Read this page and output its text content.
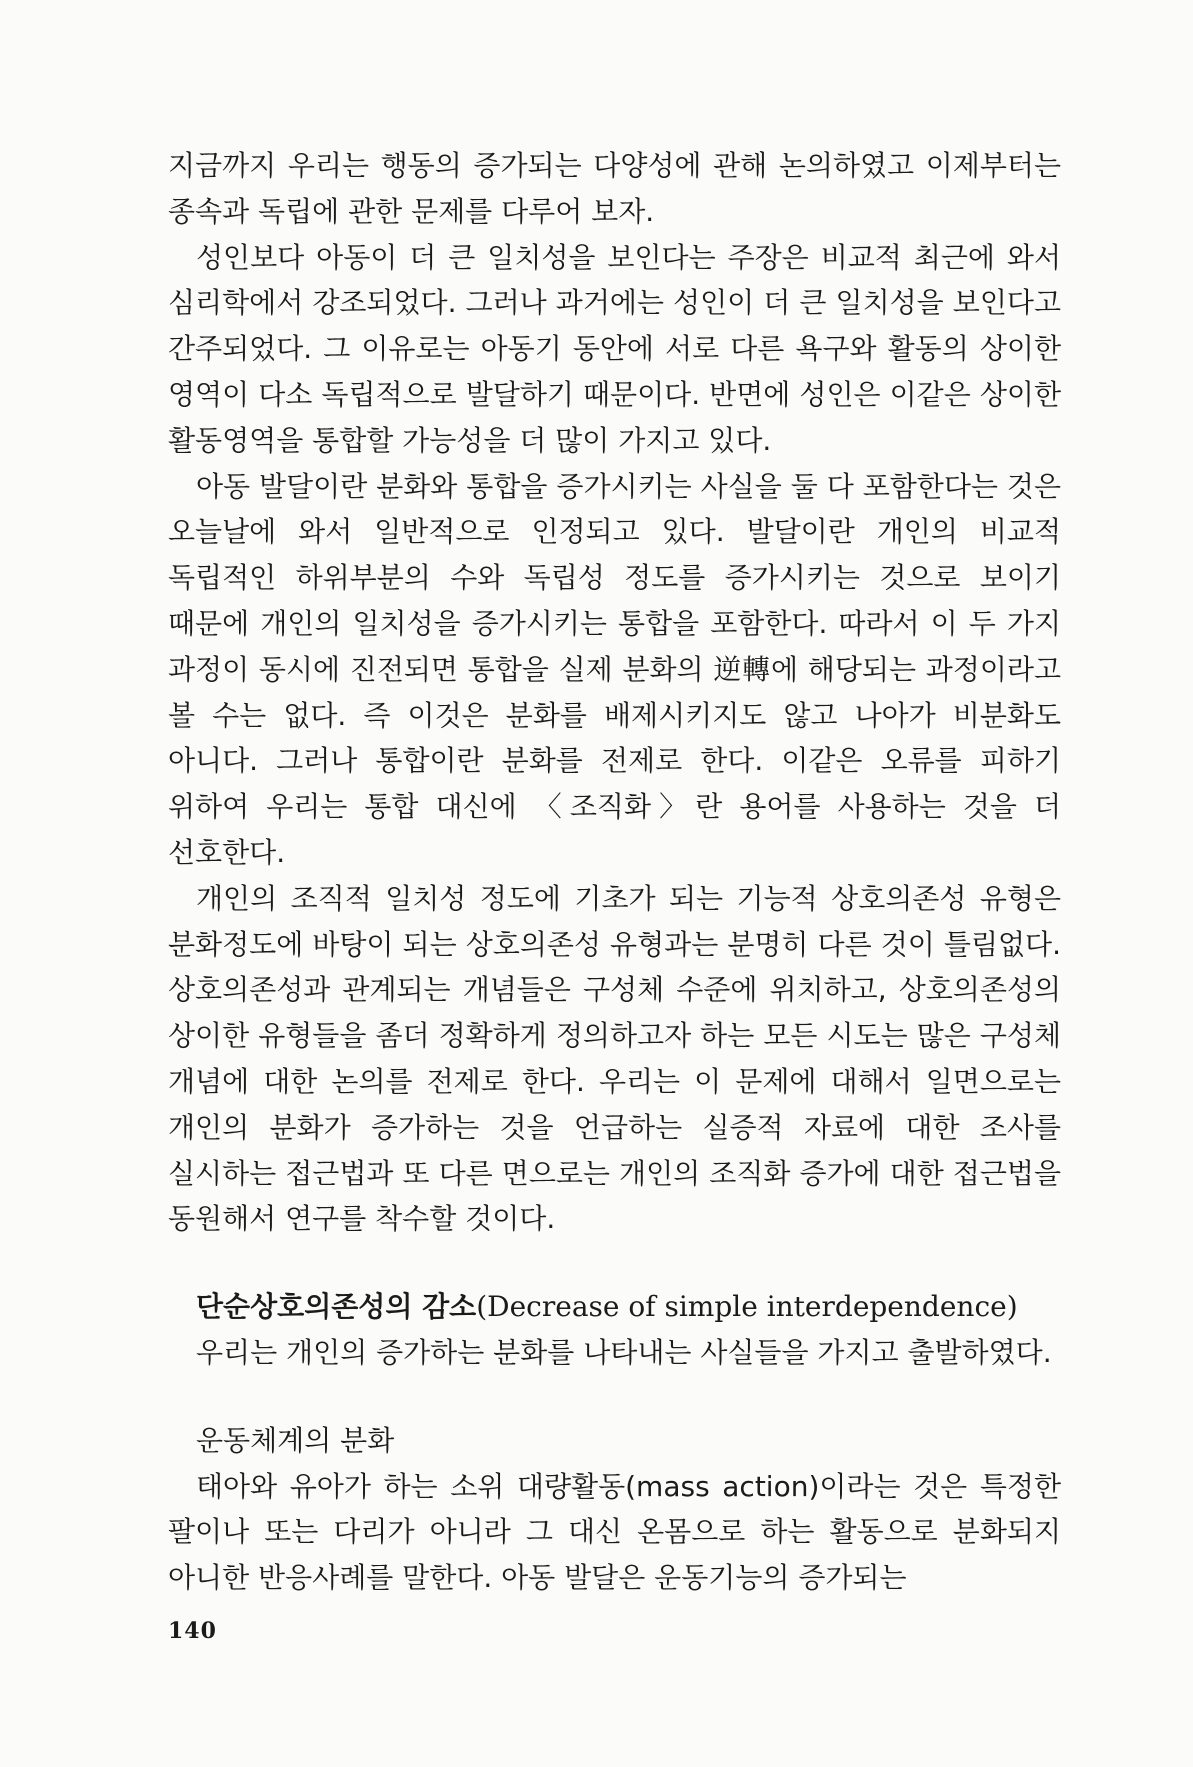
지금까지 우리는 행동의 증가되는 다양성에 관해 논의하였고 이제부터는 종속과 독립에 관한 문제를 다루어 보자.

성인보다 아동이 더 큰 일치성을 보인다는 주장은 비교적 최근에 와서 심리학에서 강조되었다. 그러나 과거에는 성인이 더 큰 일치성을 보인다고 간주되었다. 그 이유로는 아동기 동안에 서로 다른 욕구와 활동의 상이한 영역이 다소 독립적으로 발달하기 때문이다. 반면에 성인은 이같은 상이한 활동영역을 통합할 가능성을 더 많이 가지고 있다.

아동 발달이란 분화와 통합을 증가시키는 사실을 둘 다 포함한다는 것은 오늘날에 와서 일반적으로 인정되고 있다. 발달이란 개인의 비교적 독립적인 하위부분의 수와 독립성 정도를 증가시키는 것으로 보이기 때문에 개인의 일치성을 증가시키는 통합을 포함한다. 따라서 이 두 가지 과정이 동시에 진전되면 통합을 실제 분화의 逆轉에 해당되는 과정이라고 볼 수는 없다. 즉 이것은 분화를 배제시키지도 않고 나아가 비분화도 아니다. 그러나 통합이란 분화를 전제로 한다. 이같은 오류를 피하기 위하여 우리는 통합 대신에 〈조직화〉란 용어를 사용하는 것을 더 선호한다.

개인의 조직적 일치성 정도에 기초가 되는 기능적 상호의존성 유형은 분화정도에 바탕이 되는 상호의존성 유형과는 분명히 다른 것이 틀림없다. 상호의존성과 관계되는 개념들은 구성체 수준에 위치하고, 상호의존성의 상이한 유형들을 좀더 정확하게 정의하고자 하는 모든 시도는 많은 구성체 개념에 대한 논의를 전제로 한다. 우리는 이 문제에 대해서 일면으로는 개인의 분화가 증가하는 것을 언급하는 실증적 자료에 대한 조사를 실시하는 접근법과 또 다른 면으로는 개인의 조직화 증가에 대한 접근법을 동원해서 연구를 착수할 것이다.

단순상호의존성의 감소(Decrease of simple interdependence)

우리는 개인의 증가하는 분화를 나타내는 사실들을 가지고 출발하였다.

운동체계의 분화

태아와 유아가 하는 소위 대량활동(mass action)이라는 것은 특정한 팔이나 또는 다리가 아니라 그 대신 온몸으로 하는 활동으로 분화되지 아니한 반응사례를 말한다. 아동 발달은 운동기능의 증가되는

140
